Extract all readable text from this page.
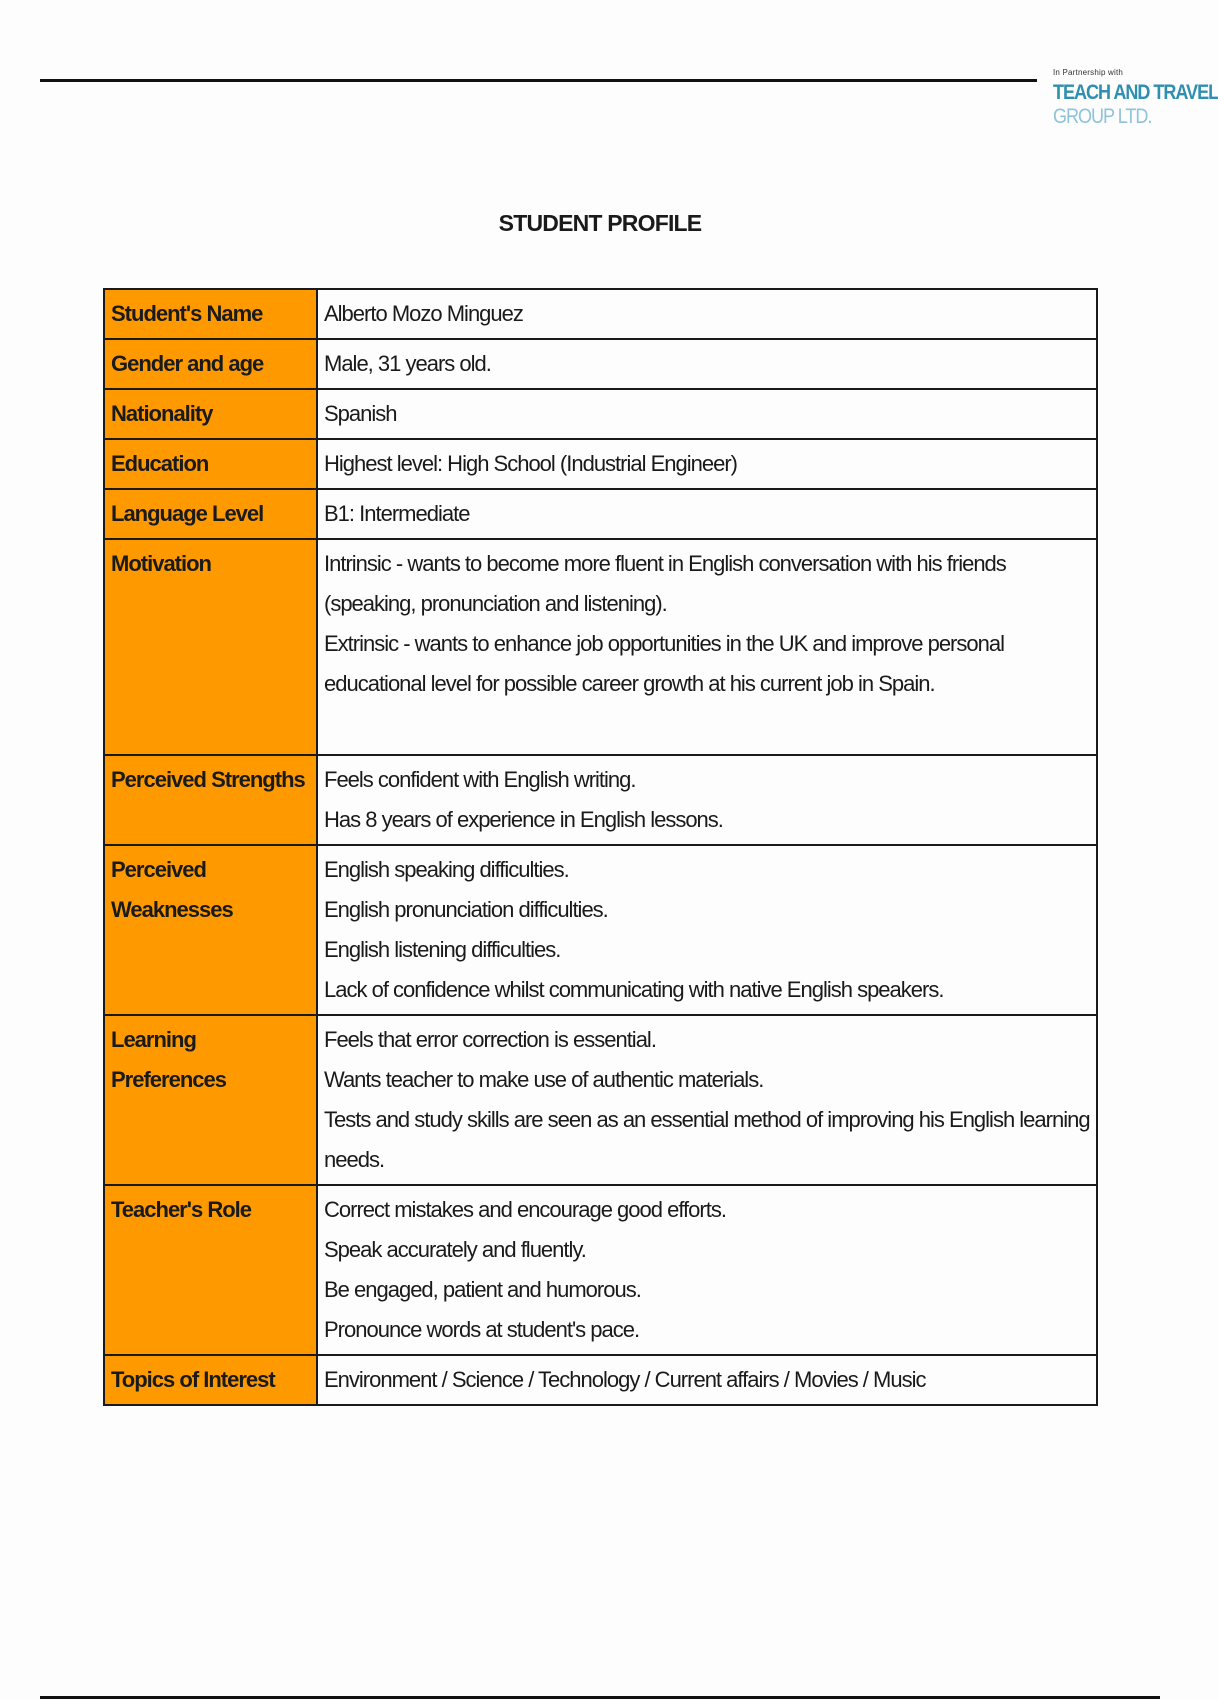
In Partnership with
TEACH AND TRAVEL
GROUP LTD.
STUDENT PROFILE
Student's Name	Alberto Mozo Minguez

Gender and age	Male, 31 years old.

Nationality	Spanish

Education	Highest level: High School (Industrial Engineer)

Language Level	B1: Intermediate

Motivation	Intrinsic - wants to become more fluent in English conversation with his friends (speaking, pronunciation and listening).
Extrinsic - wants to enhance job opportunities in the UK and improve personal educational level for possible career growth at his current job in Spain.

Perceived Strengths	Feels confident with English writing.
Has 8 years of experience in English lessons.

Perceived Weaknesses	English speaking difficulties.
English pronunciation difficulties.
English listening difficulties.
Lack of confidence whilst communicating with native English speakers.

Learning Preferences	Feels that error correction is essential.
Wants teacher to make use of authentic materials.
Tests and study skills are seen as an essential method of improving his English learning needs.

Teacher's Role	Correct mistakes and encourage good efforts.
Speak accurately and fluently.
Be engaged, patient and humorous.
Pronounce words at student's pace.

Topics of Interest	Environment / Science / Technology / Current affairs / Movies / Music
